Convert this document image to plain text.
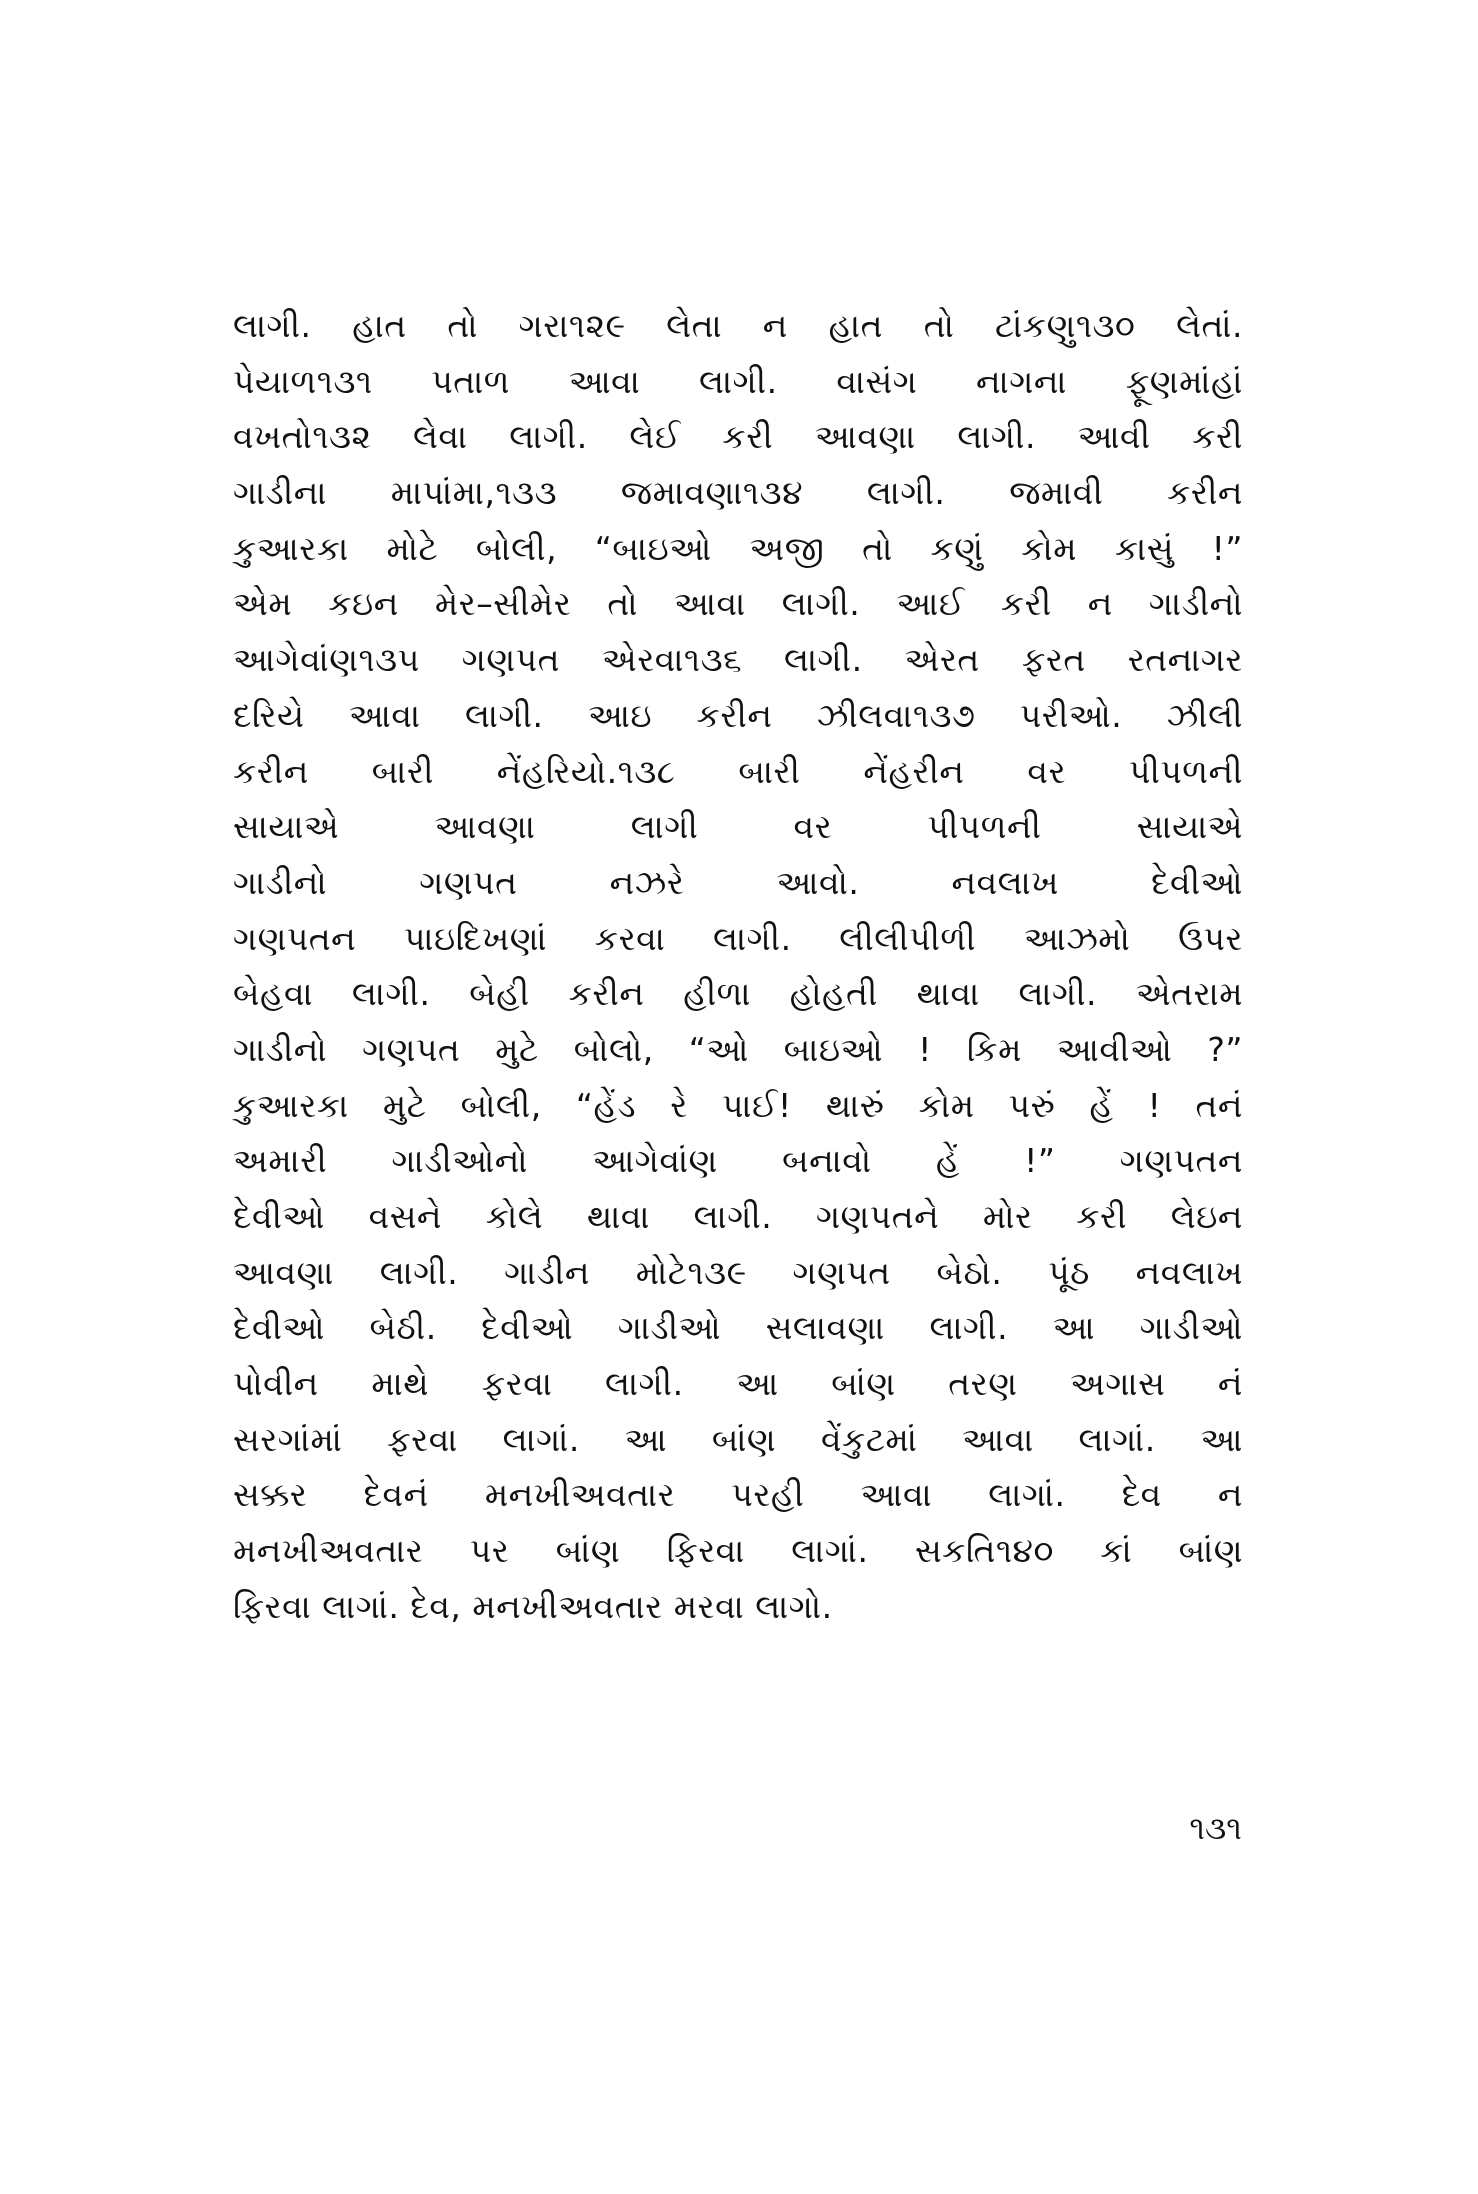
લાગી. હાત તો ગરા૧૨૯ લેતા ન હાત તો ટાંકણુ૧૩૦ લેતાં.
પેયાળ૧૩૧ પતાળ આવા લાગી. વાસંગ નાગના ફૂણમાંહાં
વખતો૧૩૨ લેવા લાગી. લેઈ કરી આવણા લાગી. આવી કરી
ગાડીના માપાંમા,૧૩૩ જમાવણા૧૩૪ લાગી. જમાવી કરીન
કુઆરકા મોટે બોલી, “બાઇઓ અજી તો કણું કોમ કાસું !”
એમ કઇન મેર–સીમેર તો આવા લાગી. આઈ કરી ન ગાડીનો
આગેવાંણ૧૩૫ ગણપત એરવા૧૩૬ લાગી. એરત ફરત રતનાગર
દરિયે આવા લાગી. આઇ કરીન ઝીલવા૧૩૭ પરીઓ. ઝીલી
કરીન બારી નેંહરિયો.૧૩૮ બારી નેંહરીન વર પીપળની
સાયાએ આવણા લાગી વર પીપળની સાયાએ
ગાડીનો ગણપત નઝરે આવો. નવલાખ દેવીઓ
ગણપતન પાઇદિખણાં કરવા લાગી. લીલીપીળી આઝમો ઉપર
બેહવા લાગી. બેહી કરીન હીળા હોહતી થાવા લાગી. એતરામ
ગાડીનો ગણપત મુટે બોલો, “ઓ બાઇઓ ! કિમ આવીઓ ?”
કુઆરકા મુટે બોલી, “હેંડ રે પાઈ! થારું કોમ પરું હેં ! તનં
અમારી ગાડીઓનો આગેવાંણ બનાવો હેં !” ગણપતન
દેવીઓ વસને કોલે થાવા લાગી. ગણપતને મોર કરી લેઇન
આવણા લાગી. ગાડીન મોટે૧૩૯ ગણપત બેઠો. પૂંઠ નવલાખ
દેવીઓ બેઠી. દેવીઓ ગાડીઓ સલાવણા લાગી. આ ગાડીઓ
પોવીન માથે ફરવા લાગી. આ બાંણ તરણ અગાસ નં
સરગાંમાં ફરવા લાગાં. આ બાંણ વેંકુટમાં આવા લાગાં. આ
સક્કર દેવનં મનખીઅવતાર પરહી આવા લાગાં. દેવ ન
મનખીઅવતાર પર બાંણ ફિરવા લાગાં. સકતિ૧૪૦ કાં બાંણ
ફિરવા લાગાં. દેવ, મનખીઅવતાર મરવા લાગો.
૧૩૧
